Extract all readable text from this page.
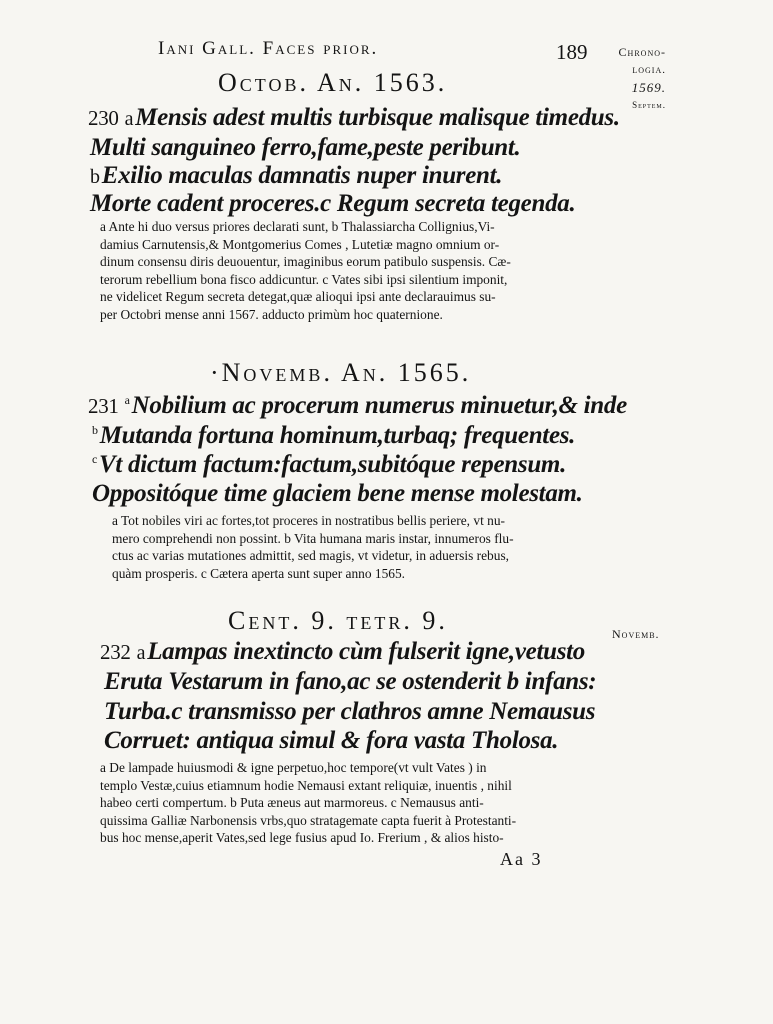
Iani Gall. Faces prior.	189	Chrono-
logia.
1569.
Septem.
Novemb.
Octob. An. 1563.
230 aMensis adest multis turbisque malisque timedus.
Multi sanguineo ferro,fame,peste peribunt.
bExilio maculas damnatis nuper inurent.
Morte cadent proceres.c Regum secreta tegenda.
a Ante hi duo versus priores declarati sunt, b Thalassiarcha Collignius,Vi-
damius Carnutensis,& Montgomerius Comes , Lutetiæ magno omnium or-
dinum consensu diris deuouentur, imaginibus eorum patibulo suspensis. Cæ-
terorum rebellium bona fisco addicuntur. c Vates sibi ipsi silentium imponit,
ne videlicet Regum secreta detegat,quæ alioqui ipsi ante declarauimus su-
per Octobri mense anni 1567. adducto primùm hoc quaternione.
·Novemb. An. 1565.
231 $^a$Nobilium ac procerum numerus minuetur,& inde
$^b$Mutanda fortuna hominum,turbaq; frequentes.
$^c$Vt dictum factum:factum,subitóque repensum.
Oppositóque time glaciem bene mense molestam.
a Tot nobiles viri ac fortes,tot proceres in nostratibus bellis periere, vt nu-
mero comprehendi non possint. b Vita humana maris instar, innumeros flu-
ctus ac varias mutationes admittit, sed magis, vt videtur, in aduersis rebus,
quàm prosperis. c Cætera aperta sunt super anno 1565.
Cent. 9. tetr. 9.
232 aLampas inextincto cùm fulserit igne,vetusto
Eruta Vestarum in fano,ac se ostenderit b infans:
Turba.c transmisso per clathros amne Nemausus
Corruet: antiqua simul & fora vasta Tholosa.
a De lampade huiusmodi & igne perpetuo,hoc tempore(vt vult Vates ) in
templo Vestæ,cuius etiamnum hodie Nemausi extant reliquiæ, inuentis , nihil
habeo certi compertum. b Puta æneus aut marmoreus. c Nemausus anti-
quissima Galliæ Narbonensis vrbs,quo stratagemate capta fuerit à Protestanti-
bus hoc mense,aperit Vates,sed lege fusius apud Io. Frerium , & alios histo-
Aa 3
